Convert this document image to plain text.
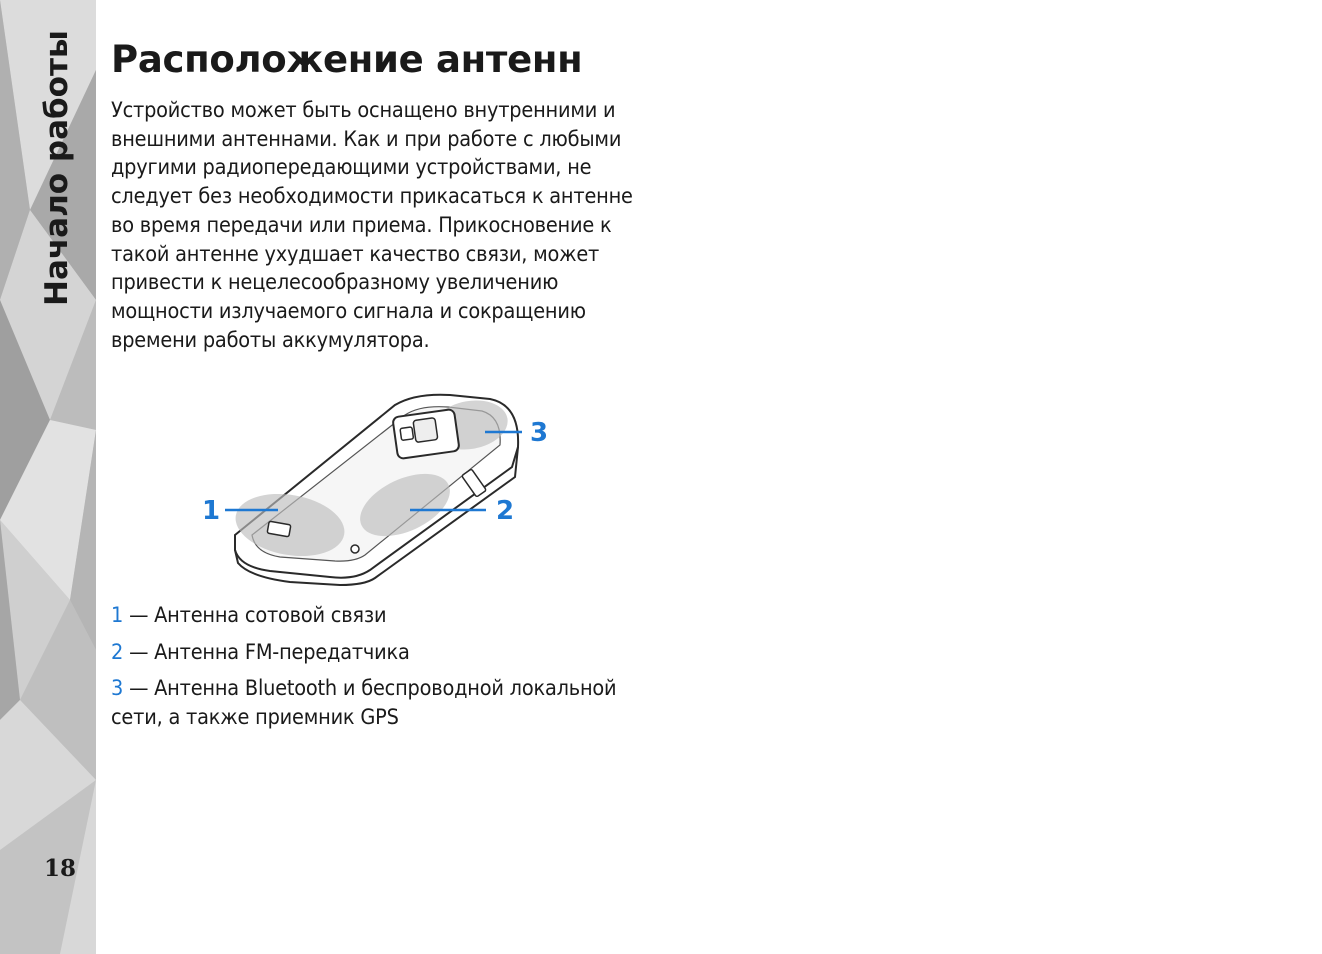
Начало работы
18
Расположение антенн

Устройство может быть оснащено внутренними и внешними антеннами. Как и при работе с любыми другими радиопередающими устройствами, не следует без необходимости прикасаться к антенне во время передачи или приема. Прикосновение к такой антенне ухудшает качество связи, может привести к нецелесообразному увеличению мощности излучаемого сигнала и сокращению времени работы аккумулятора.

1	2
3
1 — Антенна сотовой связи
2 — Антенна FM-передатчика
3 — Антенна Bluetooth и беспроводной локальной сети, а также приемник GPS
